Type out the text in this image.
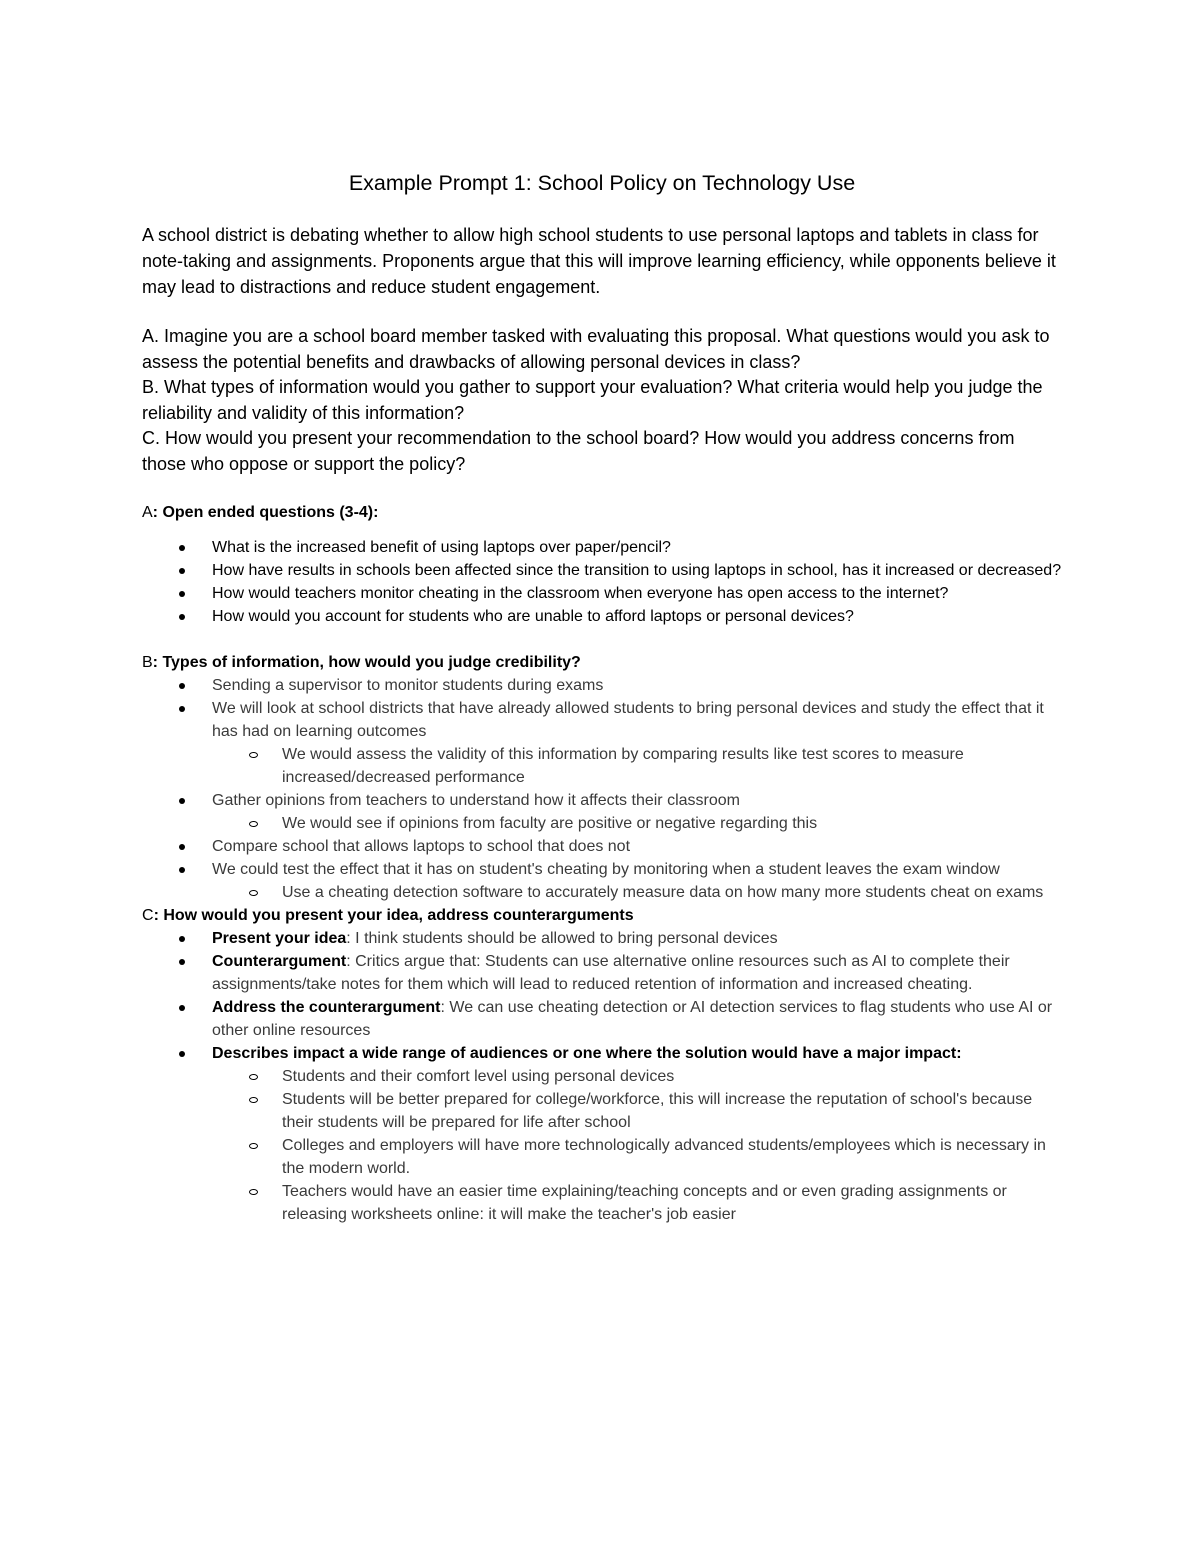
Example Prompt 1: School Policy on Technology Use

A school district is debating whether to allow high school students to use personal laptops and tablets in class for note-taking and assignments. Proponents argue that this will improve learning efficiency, while opponents believe it may lead to distractions and reduce student engagement.

A. Imagine you are a school board member tasked with evaluating this proposal. What questions would you ask to assess the potential benefits and drawbacks of allowing personal devices in class?

B. What types of information would you gather to support your evaluation? What criteria would help you judge the reliability and validity of this information?

C. How would you present your recommendation to the school board? How would you address concerns from those who oppose or support the policy?

A: Open ended questions (3-4):

What is the increased benefit of using laptops over paper/pencil?
How have results in schools been affected since the transition to using laptops in school, has it increased or decreased?
How would teachers monitor cheating in the classroom when everyone has open access to the internet?
How would you account for students who are unable to afford laptops or personal devices?

B: Types of information, how would you judge credibility?

Sending a supervisor to monitor students during exams
We will look at school districts that have already allowed students to bring personal devices and study the effect that it has had on learning outcomes
We would assess the validity of this information by comparing results like test scores to measure increased/decreased performance
Gather opinions from teachers to understand how it affects their classroom
We would see if opinions from faculty are positive or negative regarding this
Compare school that allows laptops to school that does not
We could test the effect that it has on student's cheating by monitoring when a student leaves the exam window
Use a cheating detection software to accurately measure data on how many more students cheat on exams

C: How would you present your idea, address counterarguments

Present your idea: I think students should be allowed to bring personal devices
Counterargument: Critics argue that: Students can use alternative online resources such as AI to complete their assignments/take notes for them which will lead to reduced retention of information and increased cheating.
Address the counterargument: We can use cheating detection or AI detection services to flag students who use AI or other online resources
Describes impact a wide range of audiences or one where the solution would have a major impact:
Students and their comfort level using personal devices
Students will be better prepared for college/workforce, this will increase the reputation of school's because their students will be prepared for life after school
Colleges and employers will have more technologically advanced students/employees which is necessary in the modern world.
Teachers would have an easier time explaining/teaching concepts and or even grading assignments or releasing worksheets online: it will make the teacher's job easier
